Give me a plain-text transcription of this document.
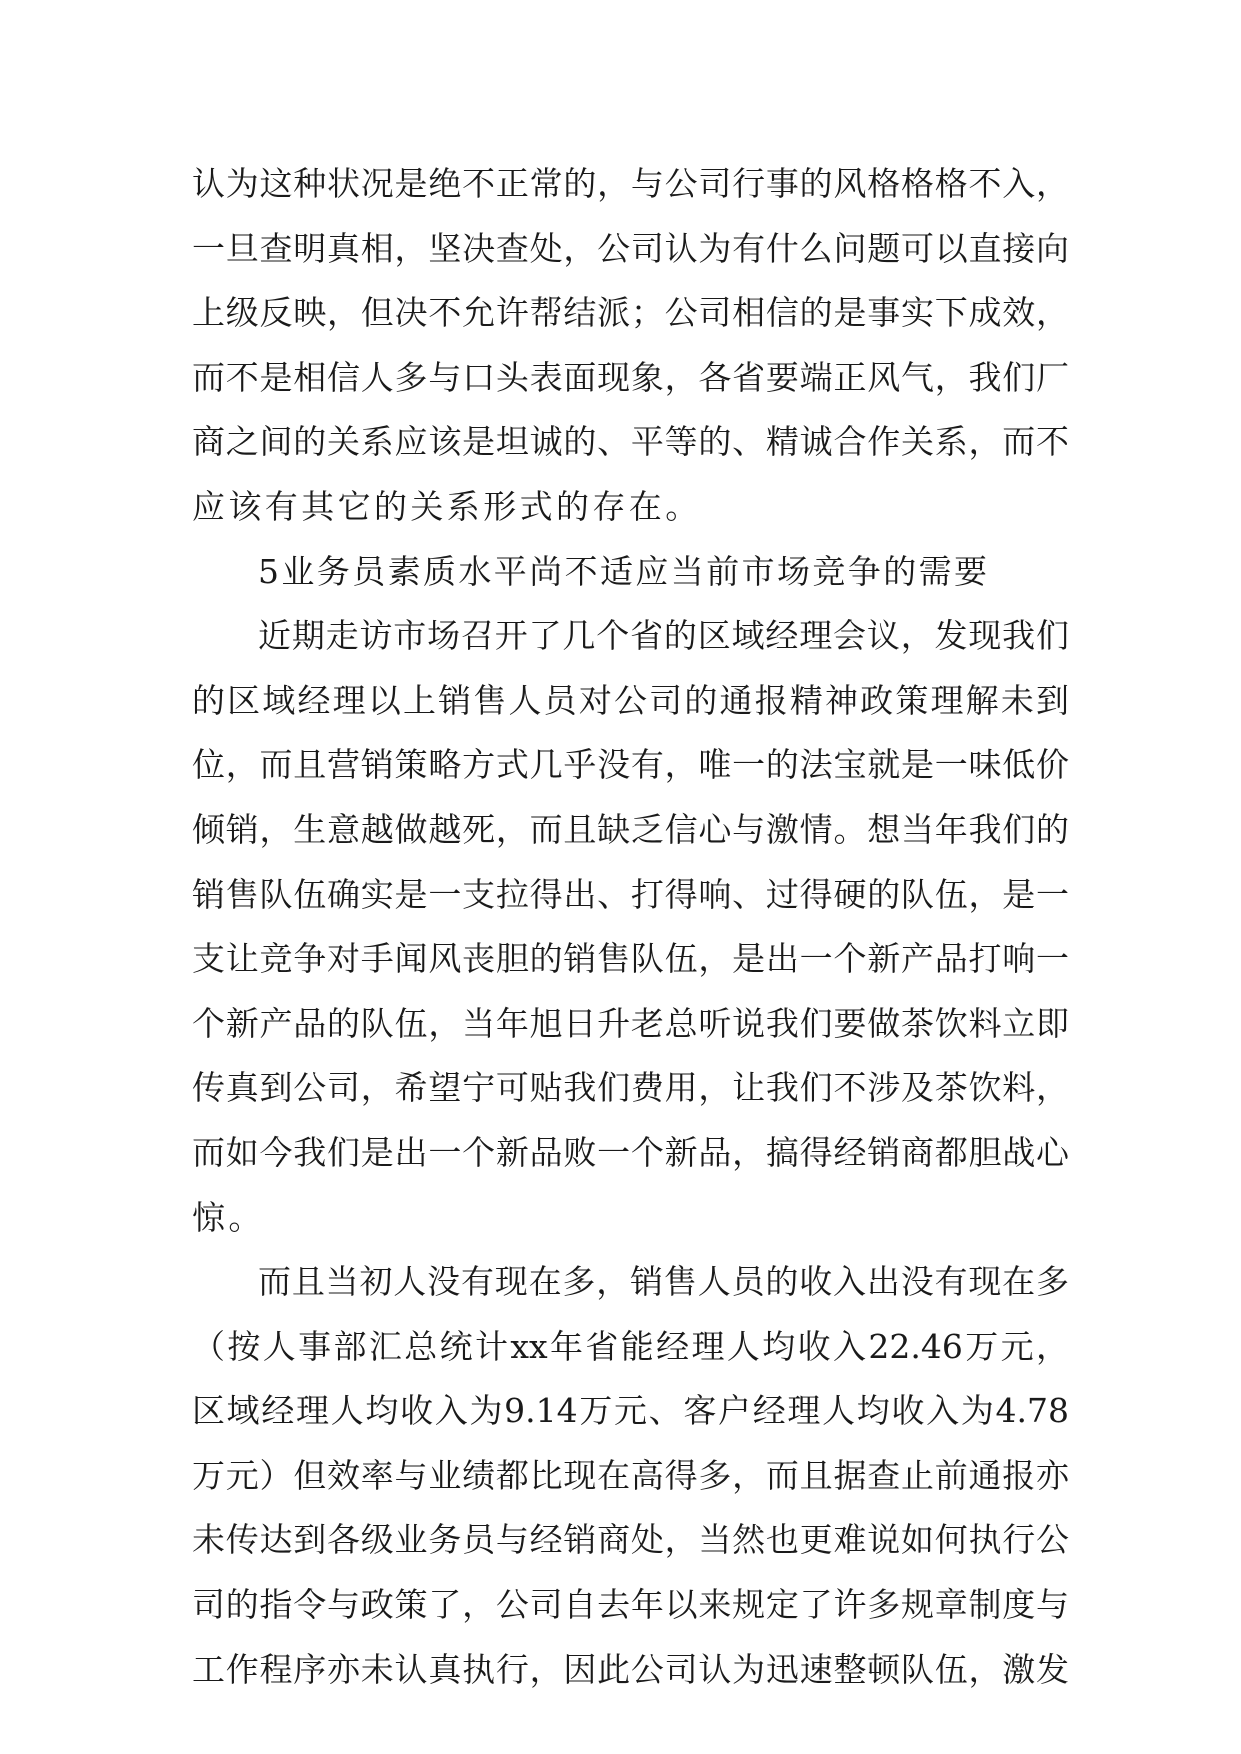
认为这种状况是绝不正常的，与公司行事的风格格格不入，
一旦查明真相，坚决查处，公司认为有什么问题可以直接向
上级反映，但决不允许帮结派；公司相信的是事实下成效，
而不是相信人多与口头表面现象，各省要端正风气，我们厂
商之间的关系应该是坦诚的、平等的、精诚合作关系，而不
应该有其它的关系形式的存在。
5业务员素质水平尚不适应当前市场竞争的需要
近期走访市场召开了几个省的区域经理会议，发现我们
的区域经理以上销售人员对公司的通报精神政策理解未到
位，而且营销策略方式几乎没有，唯一的法宝就是一味低价
倾销，生意越做越死，而且缺乏信心与激情。想当年我们的
销售队伍确实是一支拉得出、打得响、过得硬的队伍，是一
支让竞争对手闻风丧胆的销售队伍，是出一个新产品打响一
个新产品的队伍，当年旭日升老总听说我们要做茶饮料立即
传真到公司，希望宁可贴我们费用，让我们不涉及茶饮料，
而如今我们是出一个新品败一个新品，搞得经销商都胆战心
惊。
而且当初人没有现在多，销售人员的收入出没有现在多
（按人事部汇总统计xx年省能经理人均收入22.46万元，
区域经理人均收入为9.14万元、客户经理人均收入为4.78
万元）但效率与业绩都比现在高得多，而且据查止前通报亦
未传达到各级业务员与经销商处，当然也更难说如何执行公
司的指令与政策了，公司自去年以来规定了许多规章制度与
工作程序亦未认真执行，因此公司认为迅速整顿队伍，激发
